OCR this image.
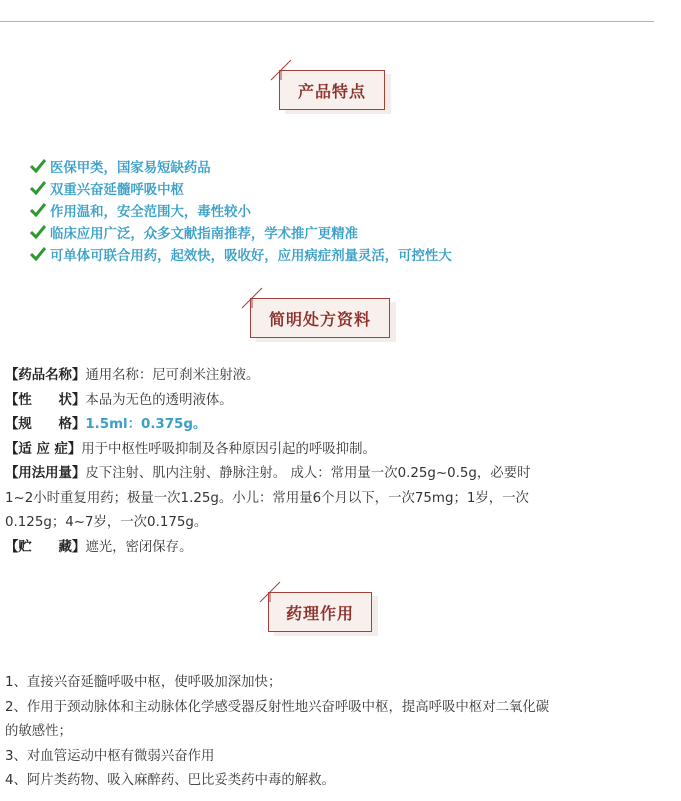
产品特点
医保甲类，国家易短缺药品
双重兴奋延髓呼吸中枢
作用温和，安全范围大，毒性较小
临床应用广泛，众多文献指南推荐，学术推广更精准
可单体可联合用药，起效快，吸收好，应用病症剂量灵活，可控性大
简明处方资料
【药品名称】通用名称：尼可刹米注射液。
【性　　状】本品为无色的透明液体。
【规　　格】1.5ml：0.375g。
【适 应 症】用于中枢性呼吸抑制及各种原因引起的呼吸抑制。
【用法用量】皮下注射、肌内注射、静脉注射。 成人：常用量一次0.25g~0.5g，必要时
1~2小时重复用药；极量一次1.25g。小儿：常用量6个月以下，一次75mg；1岁，一次
0.125g；4~7岁，一次0.175g。
【贮　　藏】遮光，密闭保存。
药理作用
1、直接兴奋延髓呼吸中枢，使呼吸加深加快；
2、作用于颈动脉体和主动脉体化学感受器反射性地兴奋呼吸中枢，提高呼吸中枢对二氧化碳
的敏感性；
3、对血管运动中枢有微弱兴奋作用
4、阿片类药物、吸入麻醉药、巴比妥类药中毒的解救。
